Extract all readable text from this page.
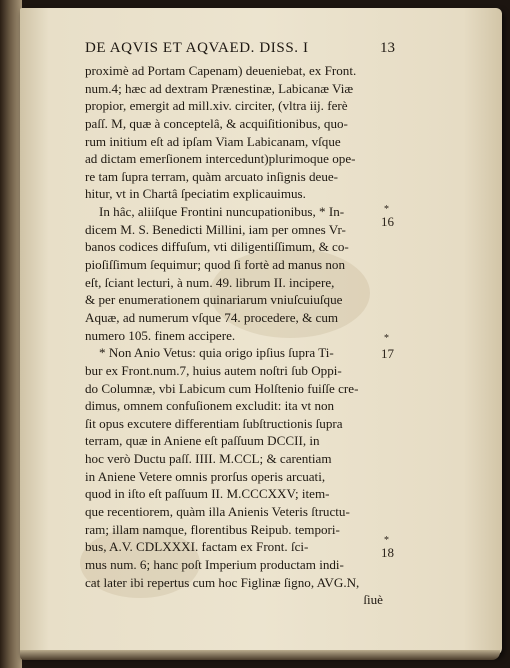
DE AQVIS ET AQVAED. DISS. I	13
proximè ad Portam Capenam) deueniebat, ex Front.
num.4; hæc ad dextram Prænestinæ, Labicanæ Viæ
propior, emergit ad mill.xiv. circiter, (vltra iij. ferè
paſſ. M, quæ à conceptelâ, & acquiſitionibus, quo-
rum initium eſt ad ipſam Viam Labicanam, vſque
ad dictam emerſionem intercedunt)plurimoque ope-
re tam ſupra terram, quàm arcuato inſignis deue-
hitur, vt in Chartâ ſpeciatim explicauimus.
In hâc, aliiſque Frontini nuncupationibus, * In-
dicem M. S. Benedicti Millini, iam per omnes Vr-
banos codices diffuſum, vti diligentiſſimum, & co-
pioſiſſimum ſequimur; quod ſi fortè ad manus non
eſt, ſciant lecturi, à num. 49. librum II. incipere,
& per enumerationem quinariarum vniuſcuiuſque
Aquæ, ad numerum vſque 74. procedere, & cum
numero 105. finem accipere.
* Non Anio Vetus: quia origo ipſius ſupra Ti-
bur ex Front.num.7, huius autem noſtri ſub Oppi-
do Columnæ, vbi Labicum cum Holſtenio fuiſſe cre-
dimus, omnem confuſionem excludit: ita vt non
ſit opus excutere differentiam ſubſtructionis ſupra
terram, quæ in Aniene eſt paſſuum DCCII, in
hoc verò Ductu paſſ. IIII. M.CCL; & carentiam
in Aniene Vetere omnis prorſus operis arcuati,
quod in iſto eſt paſſuum II. M.CCCXXV; item-
que recentiorem, quàm illa Anienis Veteris ſtructu-
ram; illam namque, florentibus Reipub. tempori-
bus, A.V. CDLXXXI. factam ex Front. ſci-
mus num. 6; hanc poſt Imperium productam indi-
cat later ibi repertus cum hoc Figlinæ ſigno, AVG.N,
ſiuè
*
16
*
17
*
18
